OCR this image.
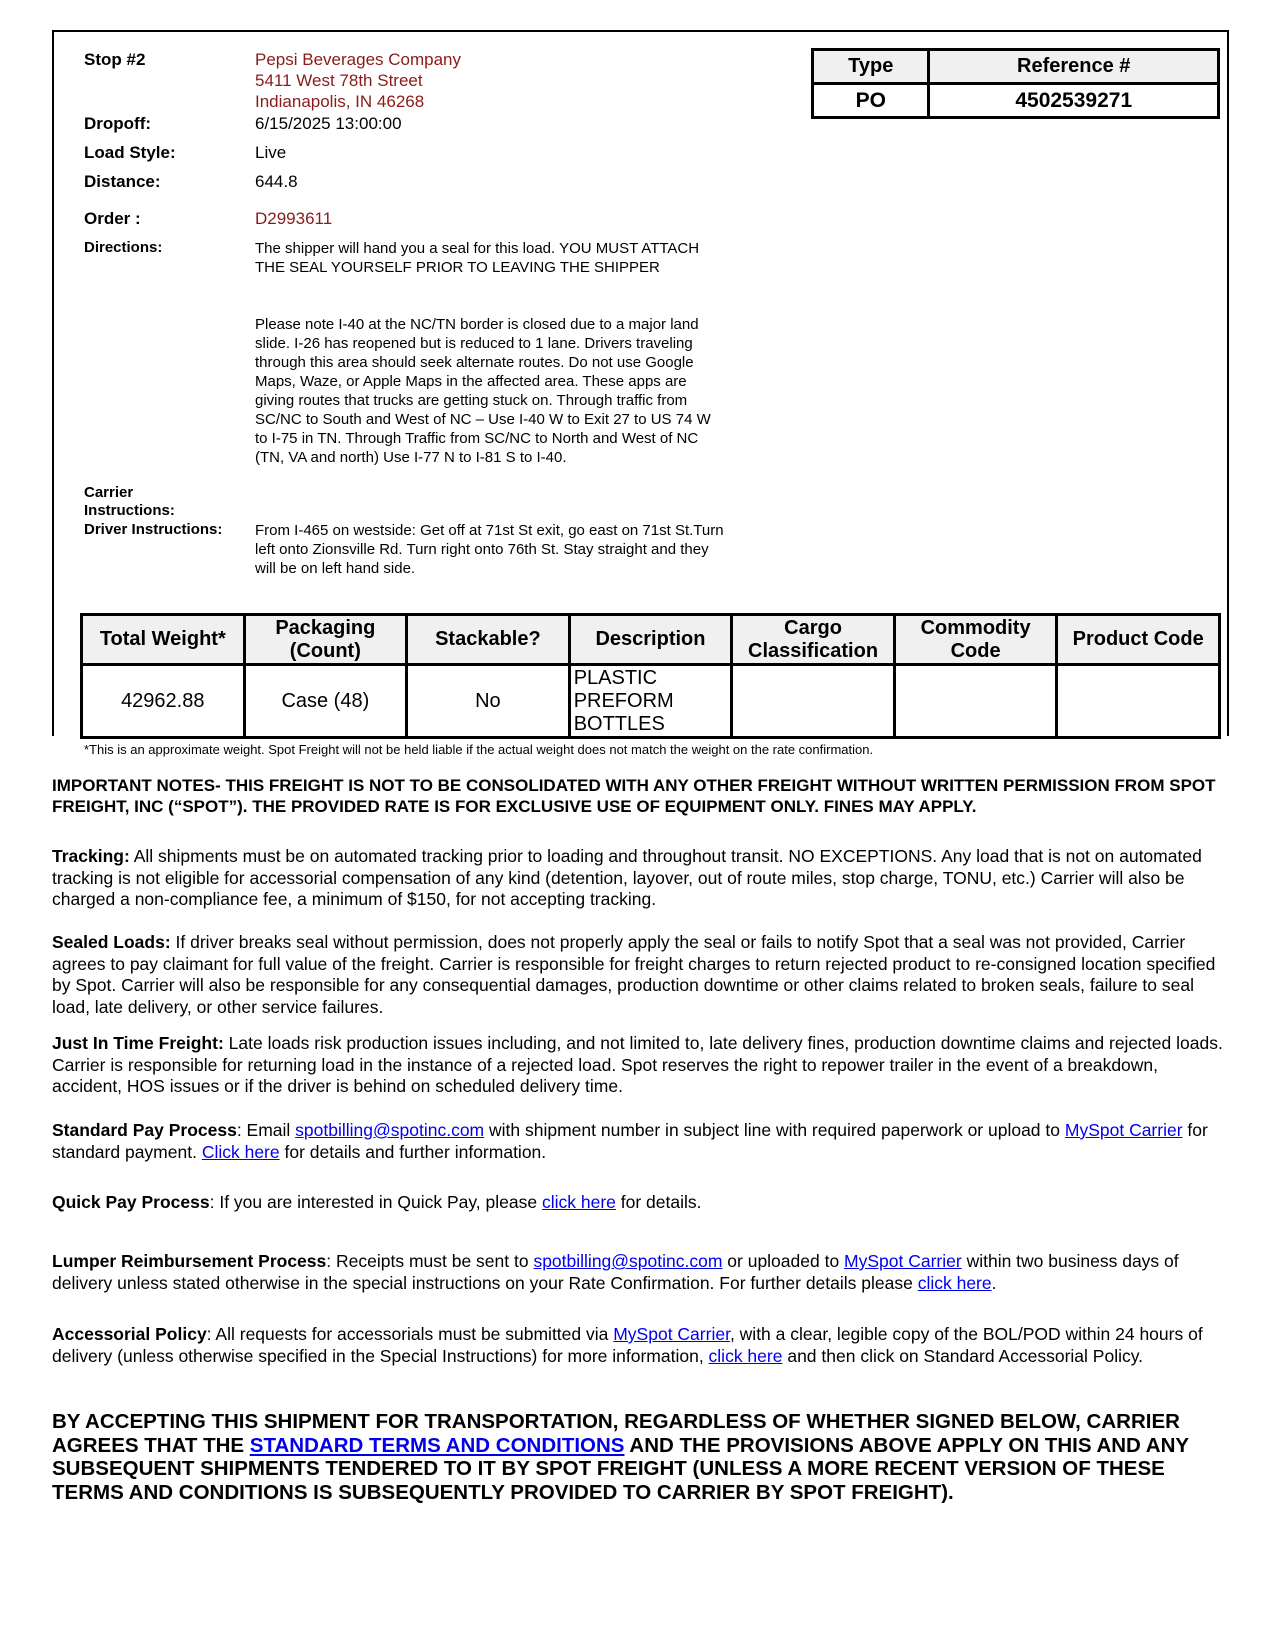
Stop #2	Pepsi Beverages Company
5411 West 78th Street
Indianapolis, IN 46268
Dropoff:	6/15/2025 13:00:00
Load Style:	Live
Distance:	644.8
Order :	D2993611
Directions:	The shipper will hand you a seal for this load. YOU MUST ATTACH THE SEAL YOURSELF PRIOR TO LEAVING THE SHIPPER
Please note I-40 at the NC/TN border is closed due to a major land slide. I-26 has reopened but is reduced to 1 lane. Drivers traveling through this area should seek alternate routes. Do not use Google Maps, Waze, or Apple Maps in the affected area. These apps are giving routes that trucks are getting stuck on. Through traffic from SC/NC to South and West of NC – Use I-40 W to Exit 27 to US 74 W to I-75 in TN. Through Traffic from SC/NC to North and West of NC (TN, VA and north) Use I-77 N to I-81 S to I-40.
Carrier
Instructions:
Driver Instructions: From I-465 on westside: Get off at 71st St exit, go east on 71st St.Turn left onto Zionsville Rd. Turn right onto 76th St. Stay straight and they will be on left hand side.
Type	Reference #
PO	4502539271
Total Weight*	Packaging (Count)	Stackable?	Description	Cargo Classification	Commodity Code	Product Code
42962.88	Case (48)	No	PLASTIC PREFORM BOTTLES			
*This is an approximate weight. Spot Freight will not be held liable if the actual weight does not match the weight on the rate confirmation.
IMPORTANT NOTES- THIS FREIGHT IS NOT TO BE CONSOLIDATED WITH ANY OTHER FREIGHT WITHOUT WRITTEN PERMISSION FROM SPOT FREIGHT, INC (“SPOT”). THE PROVIDED RATE IS FOR EXCLUSIVE USE OF EQUIPMENT ONLY. FINES MAY APPLY.
Tracking: All shipments must be on automated tracking prior to loading and throughout transit. NO EXCEPTIONS. Any load that is not on automated tracking is not eligible for accessorial compensation of any kind (detention, layover, out of route miles, stop charge, TONU, etc.) Carrier will also be charged a non-compliance fee, a minimum of $150, for not accepting tracking.
Sealed Loads: If driver breaks seal without permission, does not properly apply the seal or fails to notify Spot that a seal was not provided, Carrier agrees to pay claimant for full value of the freight. Carrier is responsible for freight charges to return rejected product to re-consigned location specified by Spot. Carrier will also be responsible for any consequential damages, production downtime or other claims related to broken seals, failure to seal load, late delivery, or other service failures.
Just In Time Freight: Late loads risk production issues including, and not limited to, late delivery fines, production downtime claims and rejected loads. Carrier is responsible for returning load in the instance of a rejected load. Spot reserves the right to repower trailer in the event of a breakdown, accident, HOS issues or if the driver is behind on scheduled delivery time.
Standard Pay Process: Email spotbilling@spotinc.com with shipment number in subject line with required paperwork or upload to MySpot Carrier for standard payment. Click here for details and further information.
Quick Pay Process: If you are interested in Quick Pay, please click here for details.
Lumper Reimbursement Process: Receipts must be sent to spotbilling@spotinc.com or uploaded to MySpot Carrier within two business days of delivery unless stated otherwise in the special instructions on your Rate Confirmation. For further details please click here.
Accessorial Policy: All requests for accessorials must be submitted via MySpot Carrier, with a clear, legible copy of the BOL/POD within 24 hours of delivery (unless otherwise specified in the Special Instructions) for more information, click here and then click on Standard Accessorial Policy.
BY ACCEPTING THIS SHIPMENT FOR TRANSPORTATION, REGARDLESS OF WHETHER SIGNED BELOW, CARRIER AGREES THAT THE STANDARD TERMS AND CONDITIONS AND THE PROVISIONS ABOVE APPLY ON THIS AND ANY SUBSEQUENT SHIPMENTS TENDERED TO IT BY SPOT FREIGHT (UNLESS A MORE RECENT VERSION OF THESE TERMS AND CONDITIONS IS SUBSEQUENTLY PROVIDED TO CARRIER BY SPOT FREIGHT).
